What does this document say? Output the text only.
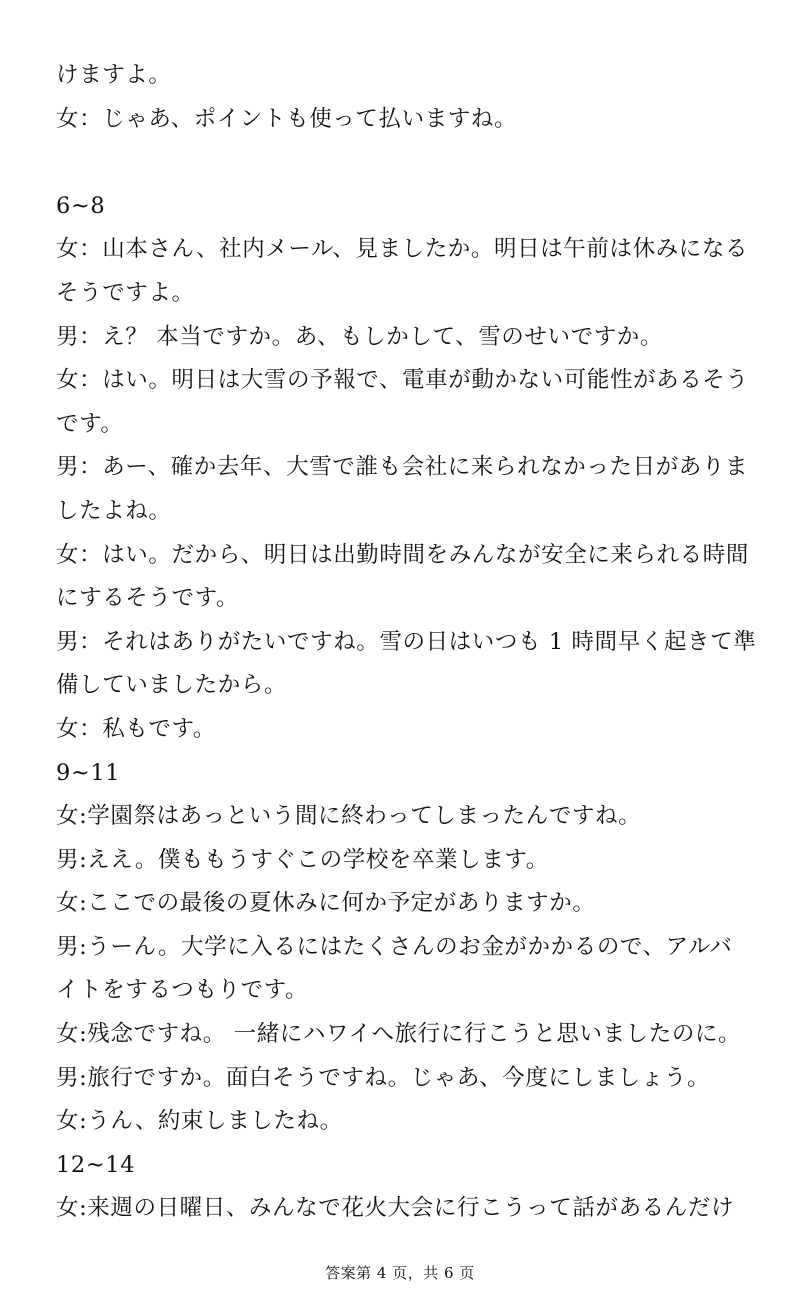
けますよ。
女：じゃあ、ポイントも使って払いますね。
6~8
女：山本さん、社内メール、見ましたか。明日は午前は休みになる
そうですよ。
男：え？ 本当ですか。あ、もしかして、雪のせいですか。
女：はい。明日は大雪の予報で、電車が動かない可能性があるそう
です。
男：あー、確か去年、大雪で誰も会社に来られなかった日がありま
したよね。
女：はい。だから、明日は出勤時間をみんなが安全に来られる時間
にするそうです。
男：それはありがたいですね。雪の日はいつも 1 時間早く起きて準
備していましたから。
女：私もです。
9~11
女:学園祭はあっという間に終わってしまったんですね。
男:ええ。僕ももうすぐこの学校を卒業します。
女:ここでの最後の夏休みに何か予定がありますか。
男:うーん。大学に入るにはたくさんのお金がかかるので、アルバ
イトをするつもりです。
女:残念ですね。 一緒にハワイへ旅行に行こうと思いましたのに。
男:旅行ですか。面白そうですね。じゃあ、今度にしましょう。
女:うん、約束しましたね。
12~14
女:来週の日曜日、みんなで花火大会に行こうって話があるんだけ
答案第 4 页，共 6 页
